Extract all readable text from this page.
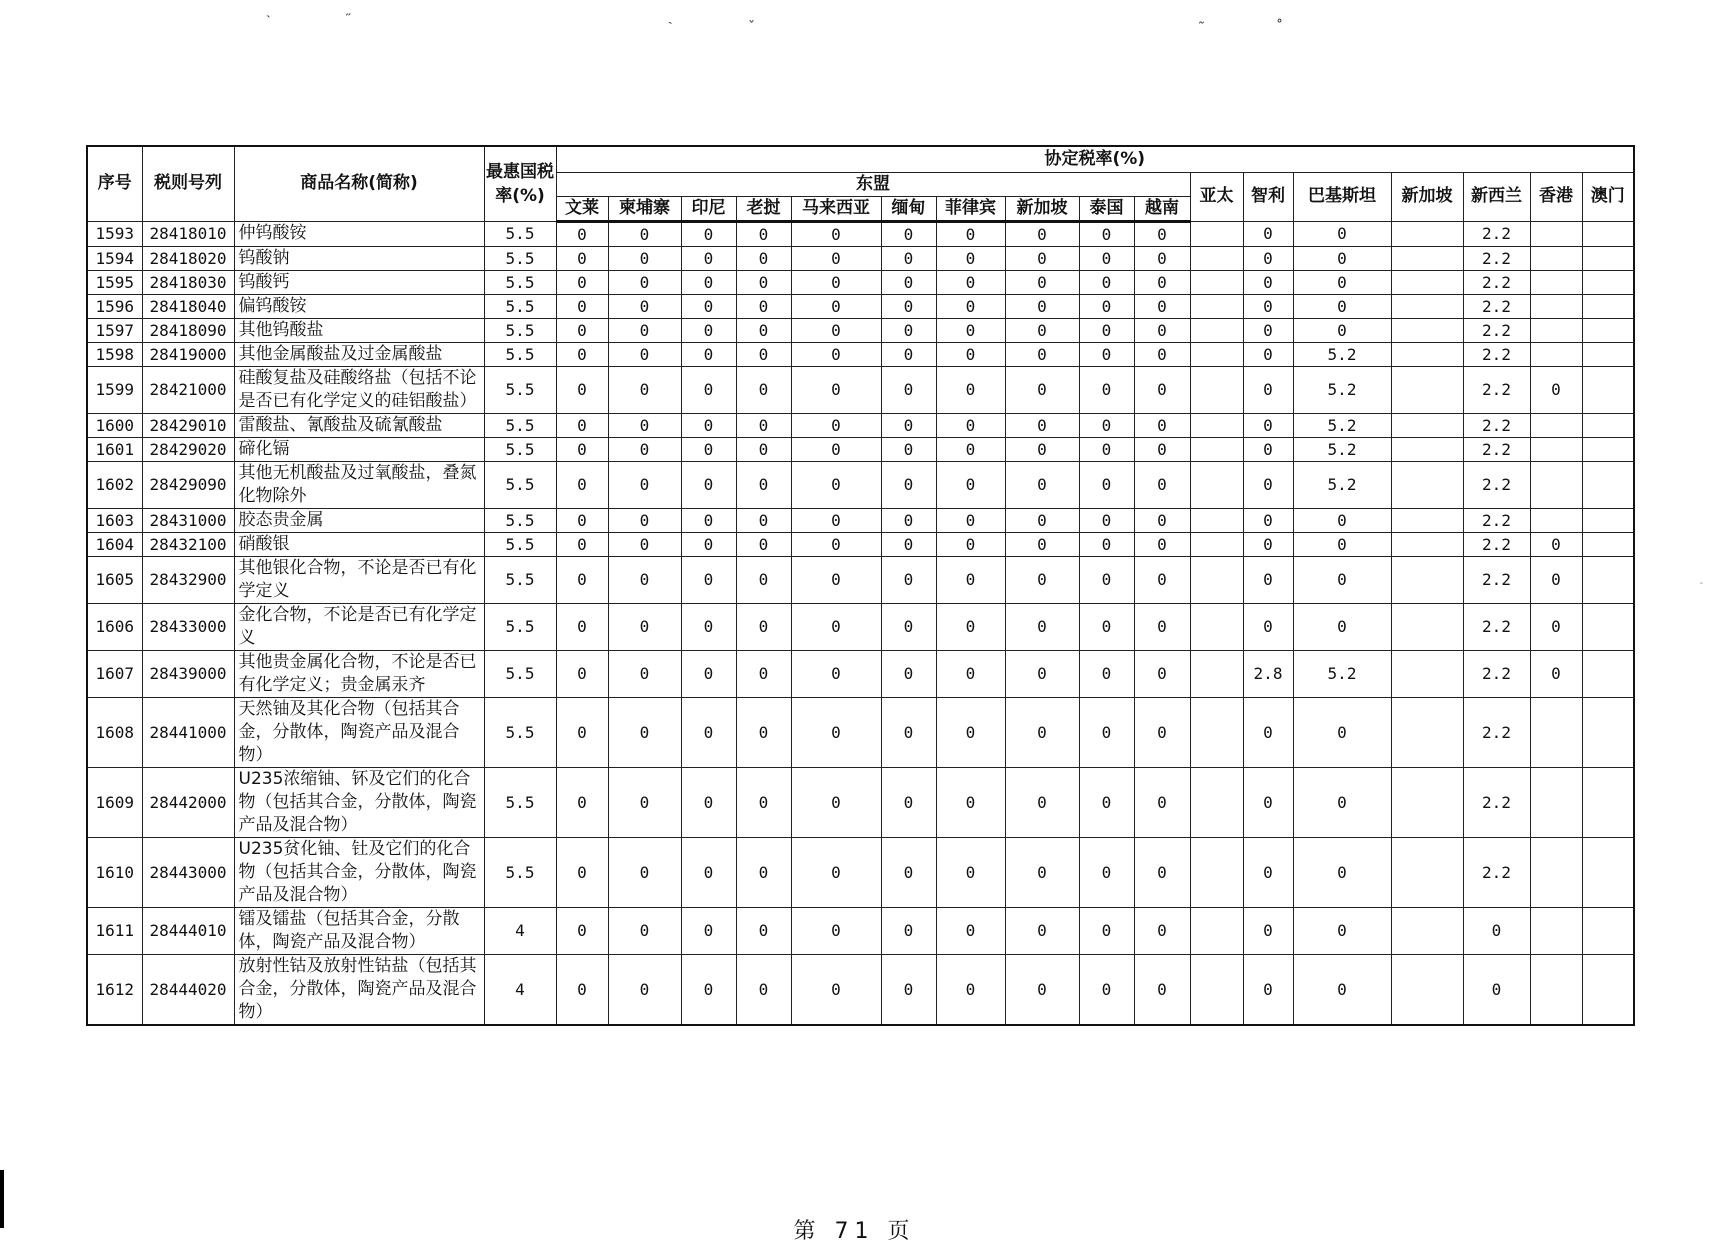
˴	˶	ˏ	˯	˷	˳
-
序号	税则号列	商品名称(简称)	最惠国税率(%)	协定税率(%)																
				东盟										亚太	智利	巴基斯坦	新加坡	新西兰	香港	澳门
				文莱	柬埔寨	印尼	老挝	马来西亚	缅甸	菲律宾	新加坡	泰国	越南							
1593	28418010	仲钨酸铵	5.5	0	0	0	0	0	0	0	0	0	0		0	0		2.2		
1594	28418020	钨酸钠	5.5	0	0	0	0	0	0	0	0	0	0		0	0		2.2		
1595	28418030	钨酸钙	5.5	0	0	0	0	0	0	0	0	0	0		0	0		2.2		
1596	28418040	偏钨酸铵	5.5	0	0	0	0	0	0	0	0	0	0		0	0		2.2		
1597	28418090	其他钨酸盐	5.5	0	0	0	0	0	0	0	0	0	0		0	0		2.2		
1598	28419000	其他金属酸盐及过金属酸盐	5.5	0	0	0	0	0	0	0	0	0	0		0	5.2		2.2		
1599	28421000	硅酸复盐及硅酸络盐（包括不论是否已有化学定义的硅铝酸盐）	5.5	0	0	0	0	0	0	0	0	0	0		0	5.2		2.2	0	
1600	28429010	雷酸盐、氰酸盐及硫氰酸盐	5.5	0	0	0	0	0	0	0	0	0	0		0	5.2		2.2		
1601	28429020	碲化镉	5.5	0	0	0	0	0	0	0	0	0	0		0	5.2		2.2		
1602	28429090	其他无机酸盐及过氧酸盐，叠氮化物除外	5.5	0	0	0	0	0	0	0	0	0	0		0	5.2		2.2		
1603	28431000	胶态贵金属	5.5	0	0	0	0	0	0	0	0	0	0		0	0		2.2		
1604	28432100	硝酸银	5.5	0	0	0	0	0	0	0	0	0	0		0	0		2.2	0	
1605	28432900	其他银化合物，不论是否已有化学定义	5.5	0	0	0	0	0	0	0	0	0	0		0	0		2.2	0	
1606	28433000	金化合物，不论是否已有化学定义	5.5	0	0	0	0	0	0	0	0	0	0		0	0		2.2	0	
1607	28439000	其他贵金属化合物，不论是否已有化学定义；贵金属汞齐	5.5	0	0	0	0	0	0	0	0	0	0		2.8	5.2		2.2	0	
1608	28441000	天然铀及其化合物（包括其合金，分散体，陶瓷产品及混合物）	5.5	0	0	0	0	0	0	0	0	0	0		0	0		2.2		
1609	28442000	U235浓缩铀、钚及它们的化合物（包括其合金，分散体，陶瓷产品及混合物）	5.5	0	0	0	0	0	0	0	0	0	0		0	0		2.2		
1610	28443000	U235贫化铀、钍及它们的化合物（包括其合金，分散体，陶瓷产品及混合物）	5.5	0	0	0	0	0	0	0	0	0	0		0	0		2.2		
1611	28444010	镭及镭盐（包括其合金，分散体，陶瓷产品及混合物）	4	0	0	0	0	0	0	0	0	0	0		0	0		0		
1612	28444020	放射性钴及放射性钴盐（包括其合金，分散体，陶瓷产品及混合物）	4	0	0	0	0	0	0	0	0	0	0		0	0		0		
第 71 页
